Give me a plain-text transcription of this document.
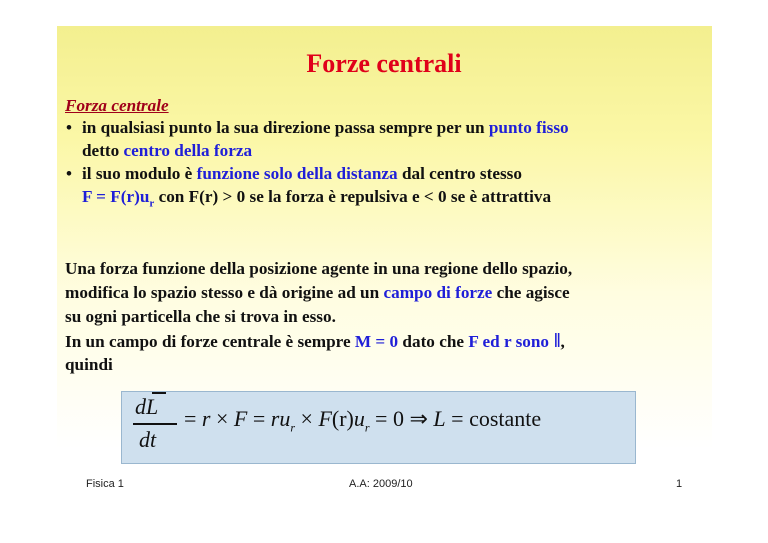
Forze centrali
Forza centrale
• in qualsiasi punto la sua direzione passa sempre per un punto fisso
detto centro della forza
• il suo modulo è funzione solo della distanza dal centro stesso
$F = F(r)u_r$ con F(r) > 0 se la forza è repulsiva e < 0 se è attrattiva
Una forza funzione della posizione agente in una regione dello spazio,
modifica lo spazio stesso e dà origine ad un campo di forze che agisce
su ogni particella che si trova in esso.
In un campo di forze centrale è sempre M = 0 dato che F ed r sono ‖,
quindi
dL
dt
= $r \times F = ru_r \times F(r)u_r = 0$ ⇒ L = costante
Fisica 1	A.A: 2009/10	1
